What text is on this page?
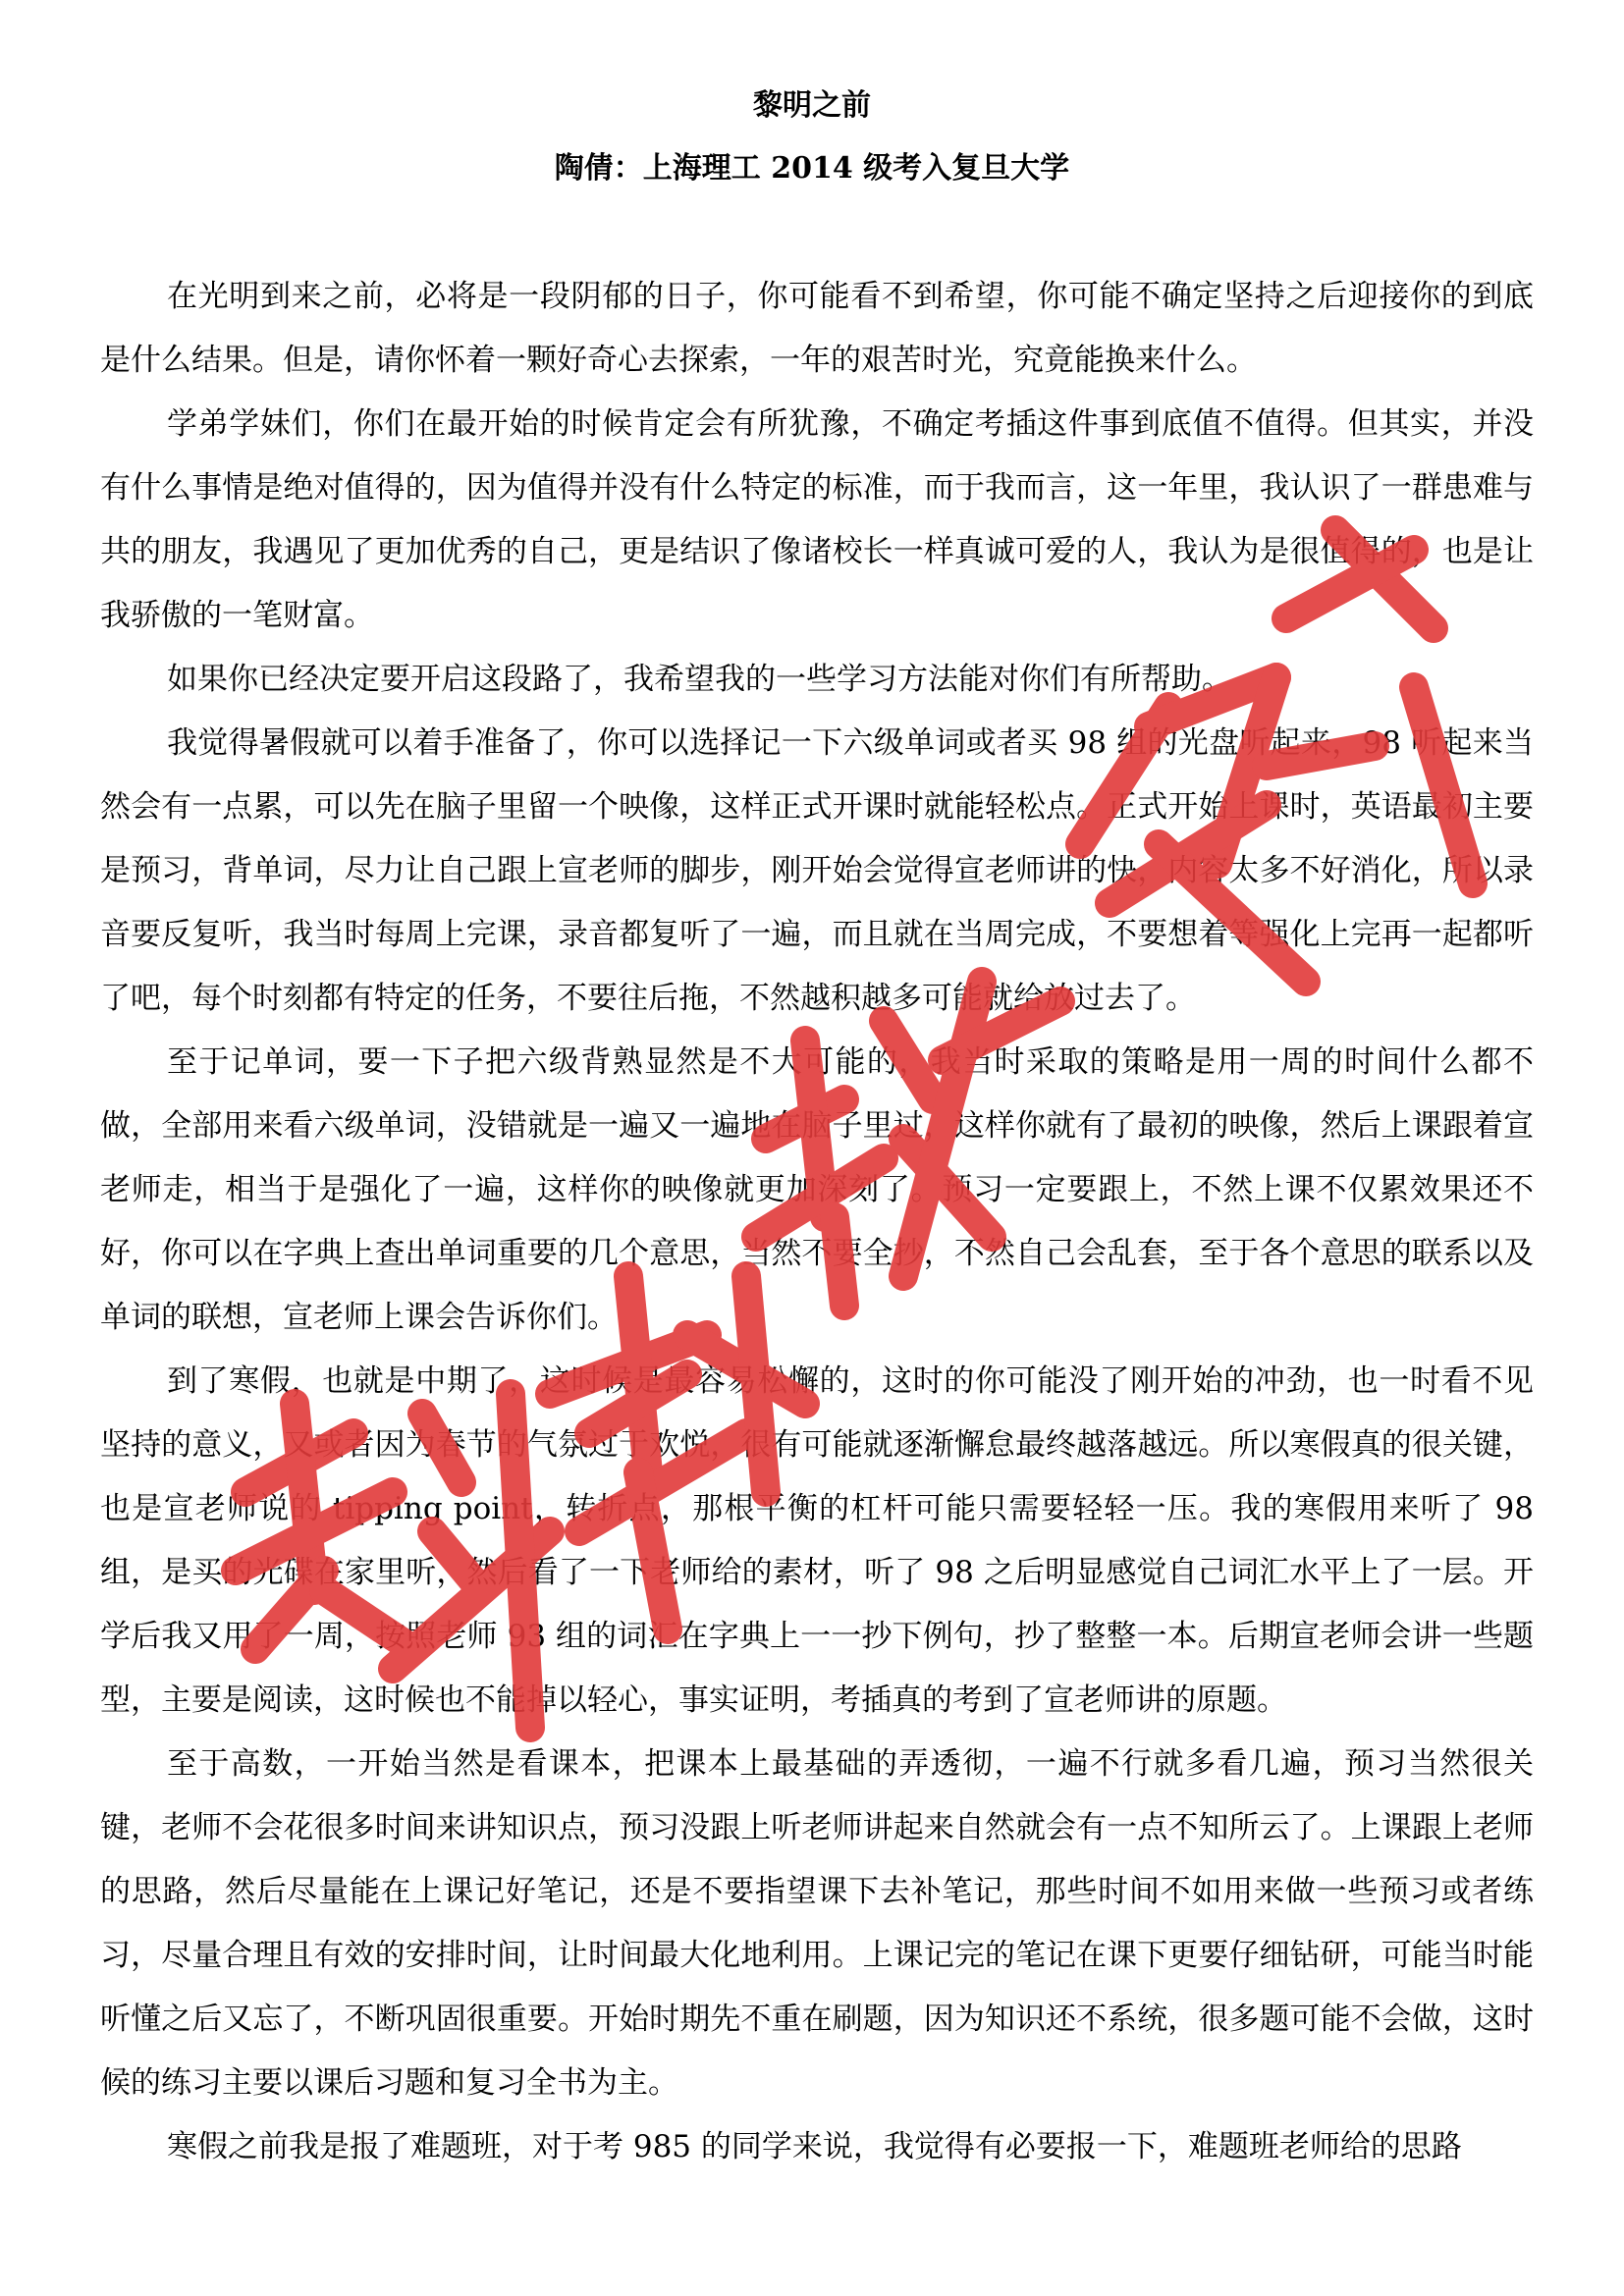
黎明之前
陶倩：上海理工 2014 级考入复旦大学

在光明到来之前，必将是一段阴郁的日子，你可能看不到希望，你可能不确定坚持之后迎接你的到底是什么结果。但是，请你怀着一颗好奇心去探索，一年的艰苦时光，究竟能换来什么。

学弟学妹们，你们在最开始的时候肯定会有所犹豫，不确定考插这件事到底值不值得。但其实，并没有什么事情是绝对值得的，因为值得并没有什么特定的标准，而于我而言，这一年里，我认识了一群患难与共的朋友，我遇见了更加优秀的自己，更是结识了像诸校长一样真诚可爱的人，我认为是很值得的，也是让我骄傲的一笔财富。

如果你已经决定要开启这段路了，我希望我的一些学习方法能对你们有所帮助。

我觉得暑假就可以着手准备了，你可以选择记一下六级单词或者买 98 组的光盘听起来，98 听起来当然会有一点累，可以先在脑子里留一个映像，这样正式开课时就能轻松点。正式开始上课时，英语最初主要是预习，背单词，尽力让自己跟上宣老师的脚步，刚开始会觉得宣老师讲的快，内容太多不好消化，所以录音要反复听，我当时每周上完课，录音都复听了一遍，而且就在当周完成，不要想着等强化上完再一起都听了吧，每个时刻都有特定的任务，不要往后拖，不然越积越多可能就给放过去了。

至于记单词，要一下子把六级背熟显然是不大可能的，我当时采取的策略是用一周的时间什么都不做，全部用来看六级单词，没错就是一遍又一遍地在脑子里过，这样你就有了最初的映像，然后上课跟着宣老师走，相当于是强化了一遍，这样你的映像就更加深刻了。预习一定要跟上，不然上课不仅累效果还不好，你可以在字典上查出单词重要的几个意思，当然不要全抄，不然自己会乱套，至于各个意思的联系以及单词的联想，宣老师上课会告诉你们。

到了寒假，也就是中期了，这时候是最容易松懈的，这时的你可能没了刚开始的冲劲，也一时看不见坚持的意义，又或者因为春节的气氛过于欢悦，很有可能就逐渐懈怠最终越落越远。所以寒假真的很关键，也是宣老师说的 tipping point，转折点，那根平衡的杠杆可能只需要轻轻一压。我的寒假用来听了 98 组，是买的光碟在家里听，然后看了一下老师给的素材，听了 98 之后明显感觉自己词汇水平上了一层。开学后我又用了一周，按照老师 93 组的词汇在字典上一一抄下例句，抄了整整一本。后期宣老师会讲一些题型，主要是阅读，这时候也不能掉以轻心，事实证明，考插真的考到了宣老师讲的原题。

至于高数，一开始当然是看课本，把课本上最基础的弄透彻，一遍不行就多看几遍，预习当然很关键，老师不会花很多时间来讲知识点，预习没跟上听老师讲起来自然就会有一点不知所云了。上课跟上老师的思路，然后尽量能在上课记好笔记，还是不要指望课下去补笔记，那些时间不如用来做一些预习或者练习，尽量合理且有效的安排时间，让时间最大化地利用。上课记完的笔记在课下更要仔细钻研，可能当时能听懂之后又忘了，不断巩固很重要。开始时期先不重在刷题，因为知识还不系统，很多题可能不会做，这时候的练习主要以课后习题和复习全书为主。

寒假之前我是报了难题班，对于考 985 的同学来说，我觉得有必要报一下，难题班老师给的思路
